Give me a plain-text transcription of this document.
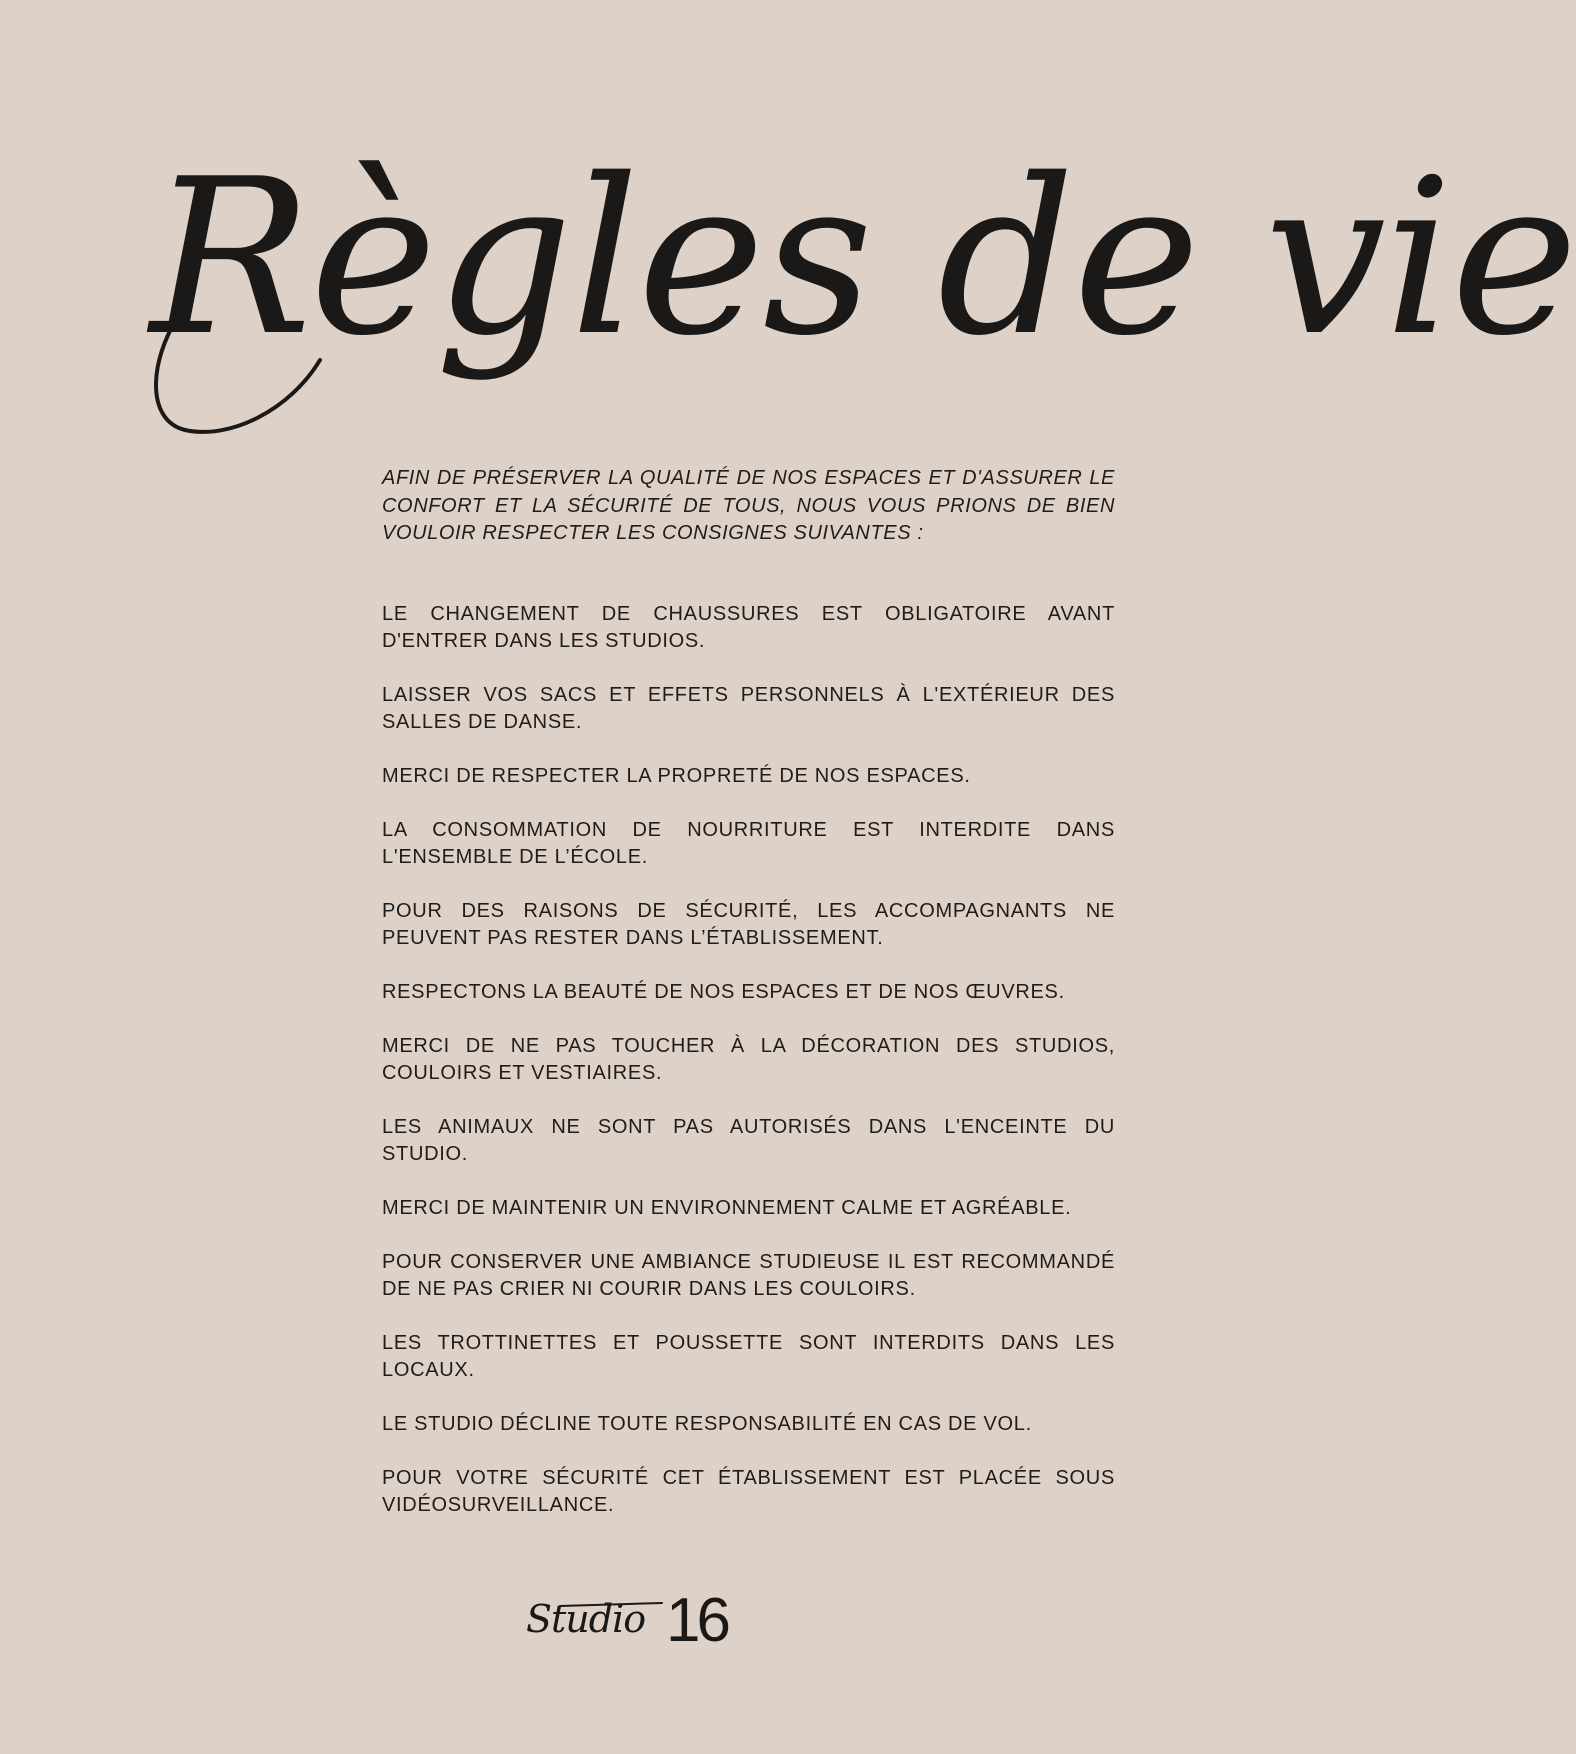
Règles de vie

AFIN DE PRÉSERVER LA QUALITÉ DE NOS ESPACES ET D'ASSURER LE CONFORT ET LA SÉCURITÉ DE TOUS, NOUS VOUS PRIONS DE BIEN VOULOIR RESPECTER LES CONSIGNES SUIVANTES :

LE CHANGEMENT DE CHAUSSURES EST OBLIGATOIRE AVANT D'ENTRER DANS LES STUDIOS.
LAISSER VOS SACS ET EFFETS PERSONNELS À L'EXTÉRIEUR DES SALLES DE DANSE.
MERCI DE RESPECTER LA PROPRETÉ DE NOS ESPACES.
LA CONSOMMATION DE NOURRITURE EST INTERDITE DANS L'ENSEMBLE DE L’ÉCOLE.
POUR DES RAISONS DE SÉCURITÉ, LES ACCOMPAGNANTS NE PEUVENT PAS RESTER DANS L’ÉTABLISSEMENT.
RESPECTONS LA BEAUTÉ DE NOS ESPACES ET DE NOS ŒUVRES.
MERCI DE NE PAS TOUCHER À LA DÉCORATION DES STUDIOS, COULOIRS ET VESTIAIRES.
LES ANIMAUX NE SONT PAS AUTORISÉS DANS L'ENCEINTE DU STUDIO.
MERCI DE MAINTENIR UN ENVIRONNEMENT CALME ET AGRÉABLE.
POUR CONSERVER UNE AMBIANCE STUDIEUSE IL EST RECOMMANDÉ DE NE PAS CRIER NI COURIR DANS LES COULOIRS.
LES TROTTINETTES ET POUSSETTE SONT INTERDITS DANS LES LOCAUX.
LE STUDIO DÉCLINE TOUTE RESPONSABILITÉ EN CAS DE VOL.
POUR VOTRE SÉCURITÉ CET ÉTABLISSEMENT EST PLACÉE SOUS VIDÉOSURVEILLANCE.
Studio 16
